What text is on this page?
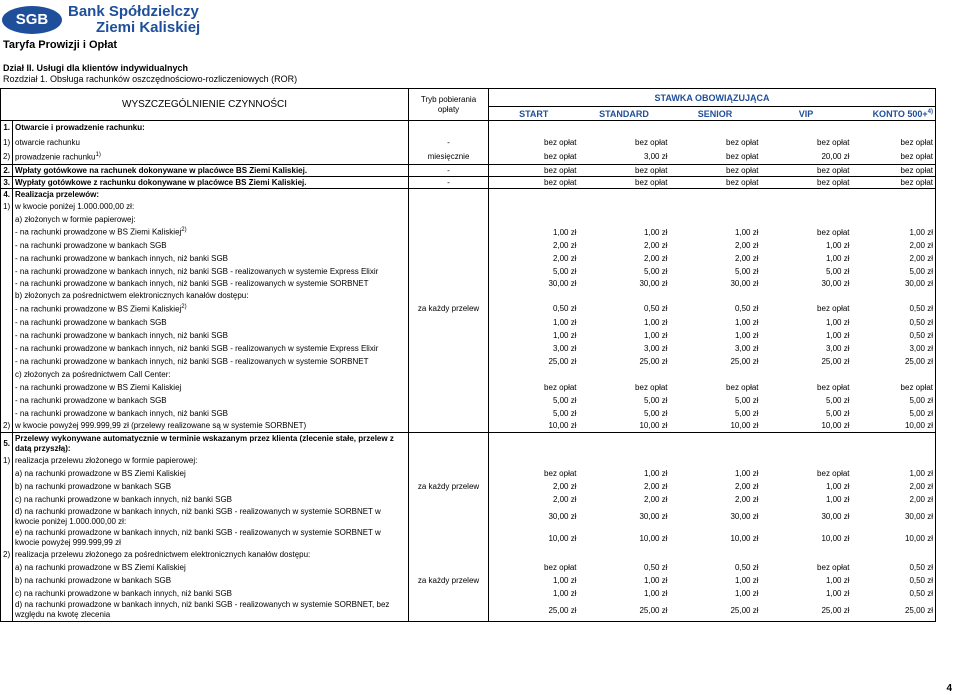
SGB	Bank Spółdzielczy
Ziemi Kaliskiej
Taryfa Prowizji i Opłat
Dział II. Usługi dla klientów indywidualnych
Rozdział 1. Obsługa rachunków oszczędnościowo-rozliczeniowych (ROR)
WYSZCZEGÓLNIENIE CZYNNOŚCI		Tryb pobierania opłaty	STAWKA OBOWIĄZUJĄCA				
			START	STANDARD	SENIOR	VIP	KONTO 500+$^{4)}$
1.	Otwarcie i prowadzenie rachunku:						
1)	otwarcie rachunku	-	bez opłat	bez opłat	bez opłat	bez opłat	bez opłat
2)	prowadzenie rachunku$^{1)}$	miesięcznie	bez opłat	3,00 zł	bez opłat	20,00 zł	bez opłat
2.	Wpłaty gotówkowe na rachunek dokonywane w placówce BS Ziemi Kaliskiej.	-	bez opłat	bez opłat	bez opłat	bez opłat	bez opłat
3.	Wypłaty gotówkowe z rachunku dokonywane w placówce BS Ziemi Kaliskiej.	-	bez opłat	bez opłat	bez opłat	bez opłat	bez opłat
4.	Realizacja przelewów:						
1)	w kwocie poniżej 1.000.000,00 zł:						
	a) złożonych w formie papierowej:						
	- na rachunki prowadzone w BS Ziemi Kaliskiej$^{2)}$		1,00 zł	1,00 zł	1,00 zł	bez opłat	1,00 zł
	- na rachunki prowadzone w bankach SGB		2,00 zł	2,00 zł	2,00 zł	1,00 zł	2,00 zł
	- na rachunki prowadzone w bankach innych, niż banki SGB		2,00 zł	2,00 zł	2,00 zł	1,00 zł	2,00 zł
	- na rachunki prowadzone w bankach innych, niż banki SGB - realizowanych w systemie Express Elixir		5,00 zł	5,00 zł	5,00 zł	5,00 zł	5,00 zł
	- na rachunki prowadzone w bankach innych, niż banki SGB - realizowanych w systemie SORBNET		30,00 zł	30,00 zł	30,00 zł	30,00 zł	30,00 zł
	b) złożonych za pośrednictwem elektronicznych kanałów dostępu:						
	- na rachunki prowadzone w BS Ziemi Kaliskiej$^{2)}$	za każdy przelew	0,50 zł	0,50 zł	0,50 zł	bez opłat	0,50 zł
	- na rachunki prowadzone w bankach SGB		1,00 zł	1,00 zł	1,00 zł	1,00 zł	0,50 zł
	- na rachunki prowadzone w bankach innych, niż banki SGB		1,00 zł	1,00 zł	1,00 zł	1,00 zł	0,50 zł
	- na rachunki prowadzone w bankach innych, niż banki SGB - realizowanych w systemie Express Elixir		3,00 zł	3,00 zł	3,00 zł	3,00 zł	3,00 zł
	- na rachunki prowadzone w bankach innych, niż banki SGB - realizowanych w systemie SORBNET		25,00 zł	25,00 zł	25,00 zł	25,00 zł	25,00 zł
	c) złożonych za pośrednictwem Call Center:						
	- na rachunki prowadzone w BS Ziemi Kaliskiej		bez opłat	bez opłat	bez opłat	bez opłat	bez opłat
	- na rachunki prowadzone w bankach SGB		5,00 zł	5,00 zł	5,00 zł	5,00 zł	5,00 zł
	- na rachunki prowadzone w bankach innych, niż banki SGB		5,00 zł	5,00 zł	5,00 zł	5,00 zł	5,00 zł
2)	w kwocie powyżej 999.999,99 zł (przelewy realizowane są w systemie SORBNET)		10,00 zł	10,00 zł	10,00 zł	10,00 zł	10,00 zł
5.	Przelewy wykonywane automatycznie w terminie wskazanym przez klienta (zlecenie stałe, przelew z datą przyszłą):						
1)	realizacja przelewu złożonego w formie papierowej:						
	a) na rachunki prowadzone w BS Ziemi Kaliskiej		bez opłat	1,00 zł	1,00 zł	bez opłat	1,00 zł
	b) na rachunki prowadzone w bankach SGB	za każdy przelew	2,00 zł	2,00 zł	2,00 zł	1,00 zł	2,00 zł
	c) na rachunki prowadzone w bankach innych, niż banki SGB		2,00 zł	2,00 zł	2,00 zł	1,00 zł	2,00 zł
	d) na rachunki prowadzone w bankach innych, niż banki SGB - realizowanych w systemie SORBNET w kwocie poniżej 1.000.000,00 zł:		30,00 zł	30,00 zł	30,00 zł	30,00 zł	30,00 zł
	e) na rachunki prowadzone w bankach innych, niż banki SGB - realizowanych w systemie SORBNET w kwocie powyżej 999.999,99 zł		10,00 zł	10,00 zł	10,00 zł	10,00 zł	10,00 zł
2)	realizacja przelewu złożonego za pośrednictwem elektronicznych kanałów dostępu:						
	a) na rachunki prowadzone w BS Ziemi Kaliskiej		bez opłat	0,50 zł	0,50 zł	bez opłat	0,50 zł
	b) na rachunki prowadzone w bankach SGB	za każdy przelew	1,00 zł	1,00 zł	1,00 zł	1,00 zł	0,50 zł
	c) na rachunki prowadzone w bankach innych, niż banki SGB		1,00 zł	1,00 zł	1,00 zł	1,00 zł	0,50 zł
	d) na rachunki prowadzone w bankach innych, niż banki SGB - realizowanych w systemie SORBNET, bez względu na kwotę zlecenia		25,00 zł	25,00 zł	25,00 zł	25,00 zł	25,00 zł
4
